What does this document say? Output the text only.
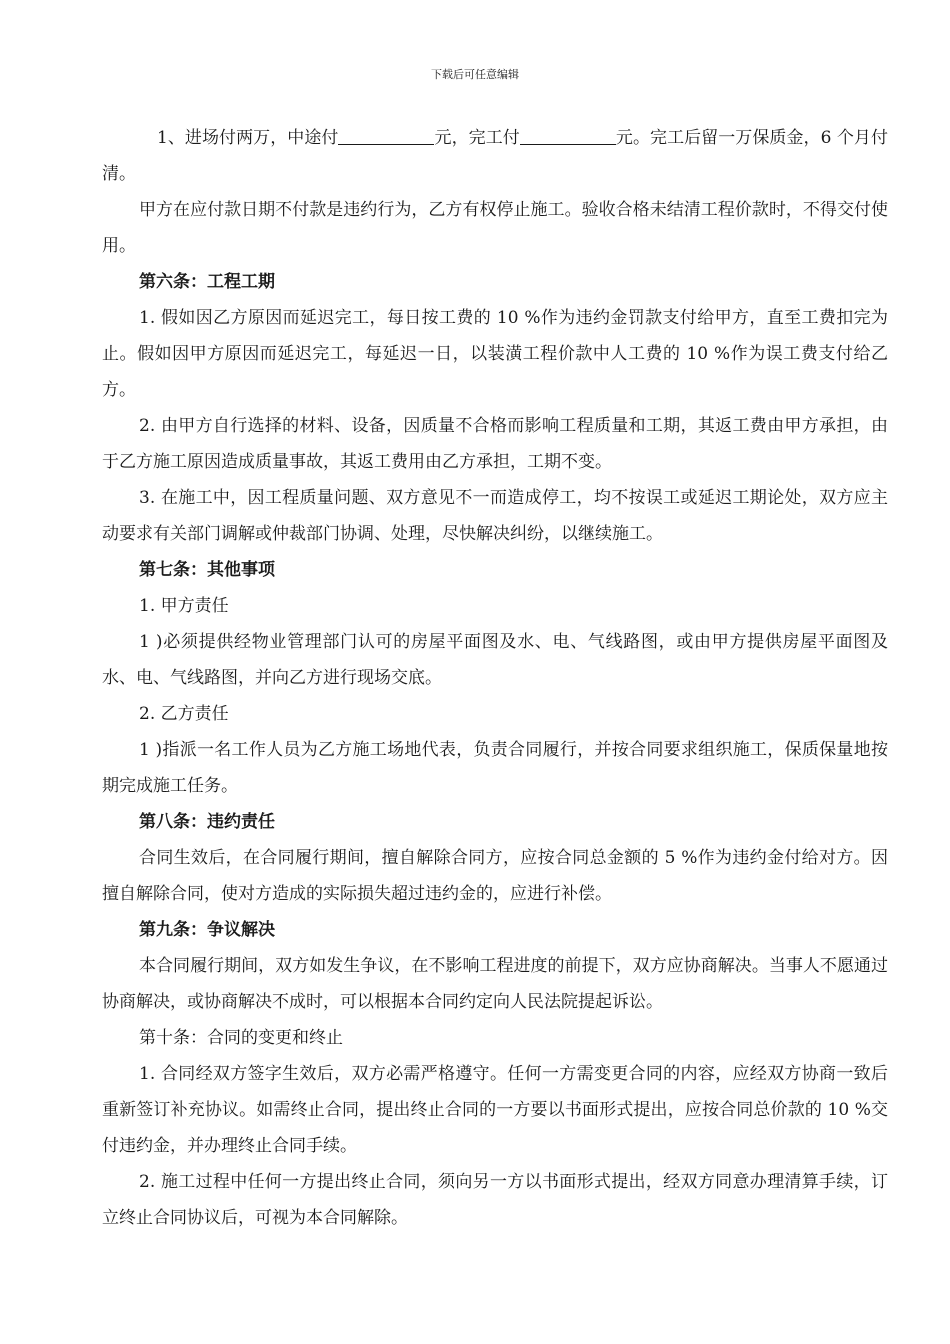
下载后可任意编辑

1、进场付两万，中途付	元，完工付	元。完工后留一万保质金，6 个月付清。

甲方在应付款日期不付款是违约行为，乙方有权停止施工。验收合格未结清工程价款时，不得交付使用。

第六条：工程工期

1. 假如因乙方原因而延迟完工，每日按工费的 10 %作为违约金罚款支付给甲方，直至工费扣完为止。假如因甲方原因而延迟完工，每延迟一日，以装潢工程价款中人工费的 10 %作为误工费支付给乙方。

2. 由甲方自行选择的材料、设备，因质量不合格而影响工程质量和工期，其返工费由甲方承担，由于乙方施工原因造成质量事故，其返工费用由乙方承担，工期不变。

3. 在施工中，因工程质量问题、双方意见不一而造成停工，均不按误工或延迟工期论处，双方应主动要求有关部门调解或仲裁部门协调、处理，尽快解决纠纷，以继续施工。

第七条：其他事项

1. 甲方责任

1 )必须提供经物业管理部门认可的房屋平面图及水、电、气线路图，或由甲方提供房屋平面图及水、电、气线路图，并向乙方进行现场交底。

2. 乙方责任

1 )指派一名工作人员为乙方施工场地代表，负责合同履行，并按合同要求组织施工，保质保量地按期完成施工任务。

第八条：违约责任

合同生效后，在合同履行期间，擅自解除合同方，应按合同总金额的 5 %作为违约金付给对方。因擅自解除合同，使对方造成的实际损失超过违约金的，应进行补偿。

第九条：争议解决

本合同履行期间，双方如发生争议，在不影响工程进度的前提下，双方应协商解决。当事人不愿通过协商解决，或协商解决不成时，可以根据本合同约定向人民法院提起诉讼。

第十条：合同的变更和终止

1. 合同经双方签字生效后，双方必需严格遵守。任何一方需变更合同的内容，应经双方协商一致后重新签订补充协议。如需终止合同，提出终止合同的一方要以书面形式提出，应按合同总价款的 10 %交付违约金，并办理终止合同手续。

2. 施工过程中任何一方提出终止合同，须向另一方以书面形式提出，经双方同意办理清算手续，订立终止合同协议后，可视为本合同解除。
